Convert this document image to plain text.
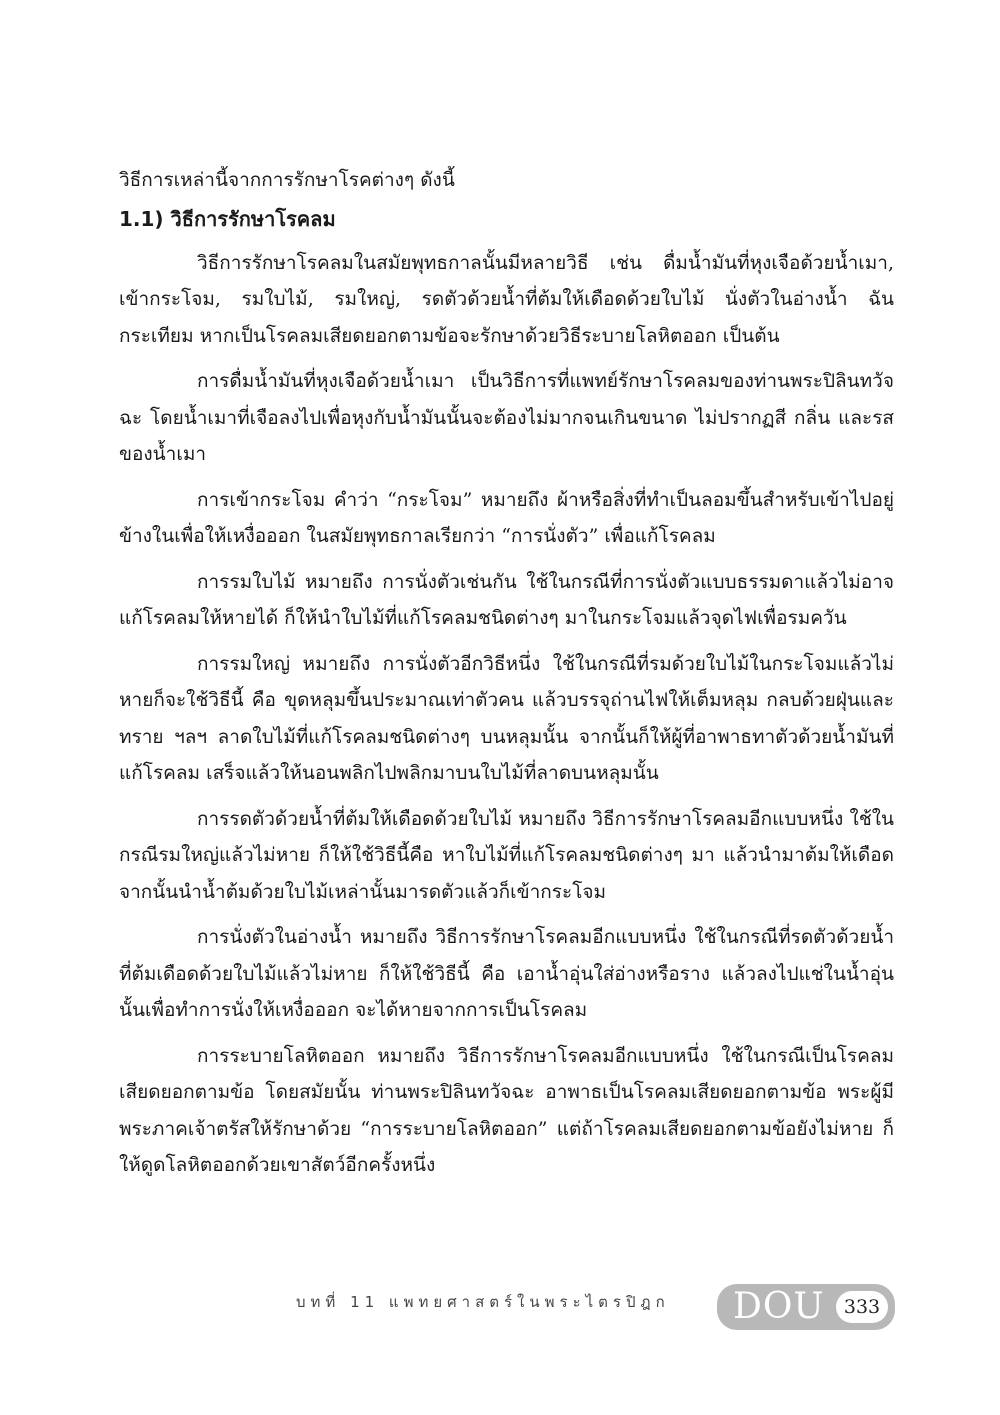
วิธีการเหล่านี้จากการรักษาโรคต่างๆ ดังนี้

1.1) วิธีการรักษาโรคลม

วิธีการรักษาโรคลมในสมัยพุทธกาลนั้นมีหลายวิธี เช่น ดื่มน้ำมันที่หุงเจือด้วยน้ำเมา, เข้ากระโจม, รมใบไม้, รมใหญ่, รดตัวด้วยน้ำที่ต้มให้เดือดด้วยใบไม้ นั่งตัวในอ่างน้ำ ฉันกระเทียม หากเป็นโรคลมเสียดยอกตามข้อจะรักษาด้วยวิธีระบายโลหิตออก เป็นต้น

การดื่มน้ำมันที่หุงเจือด้วยน้ำเมา เป็นวิธีการที่แพทย์รักษาโรคลมของท่านพระปิลินทวัจฉะ โดยน้ำเมาที่เจือลงไปเพื่อหุงกับน้ำมันนั้นจะต้องไม่มากจนเกินขนาด ไม่ปรากฏสี กลิ่น และรสของน้ำเมา

การเข้ากระโจม คำว่า “กระโจม” หมายถึง ผ้าหรือสิ่งที่ทำเป็นลอมขึ้นสำหรับเข้าไปอยู่ข้างในเพื่อให้เหงื่อออก ในสมัยพุทธกาลเรียกว่า “การนั่งตัว” เพื่อแก้โรคลม

การรมใบไม้ หมายถึง การนั่งตัวเช่นกัน ใช้ในกรณีที่การนั่งตัวแบบธรรมดาแล้วไม่อาจแก้โรคลมให้หายได้ ก็ให้นำใบไม้ที่แก้โรคลมชนิดต่างๆ มาในกระโจมแล้วจุดไฟเพื่อรมควัน

การรมใหญ่ หมายถึง การนั่งตัวอีกวิธีหนึ่ง ใช้ในกรณีที่รมด้วยใบไม้ในกระโจมแล้วไม่หายก็จะใช้วิธีนี้ คือ ขุดหลุมขึ้นประมาณเท่าตัวคน แล้วบรรจุถ่านไฟให้เต็มหลุม กลบด้วยฝุ่นและทราย ฯลฯ ลาดใบไม้ที่แก้โรคลมชนิดต่างๆ บนหลุมนั้น จากนั้นก็ให้ผู้ที่อาพาธทาตัวด้วยน้ำมันที่แก้โรคลม เสร็จแล้วให้นอนพลิกไปพลิกมาบนใบไม้ที่ลาดบนหลุมนั้น

การรดตัวด้วยน้ำที่ต้มให้เดือดด้วยใบไม้ หมายถึง วิธีการรักษาโรคลมอีกแบบหนึ่ง ใช้ในกรณีรมใหญ่แล้วไม่หาย ก็ให้ใช้วิธีนี้คือ หาใบไม้ที่แก้โรคลมชนิดต่างๆ มา แล้วนำมาต้มให้เดือด จากนั้นนำน้ำต้มด้วยใบไม้เหล่านั้นมารดตัวแล้วก็เข้ากระโจม

การนั่งตัวในอ่างน้ำ หมายถึง วิธีการรักษาโรคลมอีกแบบหนึ่ง ใช้ในกรณีที่รดตัวด้วยน้ำที่ต้มเดือดด้วยใบไม้แล้วไม่หาย ก็ให้ใช้วิธีนี้ คือ เอาน้ำอุ่นใส่อ่างหรือราง แล้วลงไปแช่ในน้ำอุ่นนั้นเพื่อทำการนั่งให้เหงื่อออก จะได้หายจากการเป็นโรคลม

การระบายโลหิตออก หมายถึง วิธีการรักษาโรคลมอีกแบบหนึ่ง ใช้ในกรณีเป็นโรคลมเสียดยอกตามข้อ โดยสมัยนั้น ท่านพระปิลินทวัจฉะ อาพาธเป็นโรคลมเสียดยอกตามข้อ พระผู้มีพระภาคเจ้าตรัสให้รักษาด้วย “การระบายโลหิตออก” แต่ถ้าโรคลมเสียดยอกตามข้อยังไม่หาย ก็ให้ดูดโลหิตออกด้วยเขาสัตว์อีกครั้งหนึ่ง

บทที่ 11 แพทยศาสตร์ในพระไตรปิฎก DOU	333
